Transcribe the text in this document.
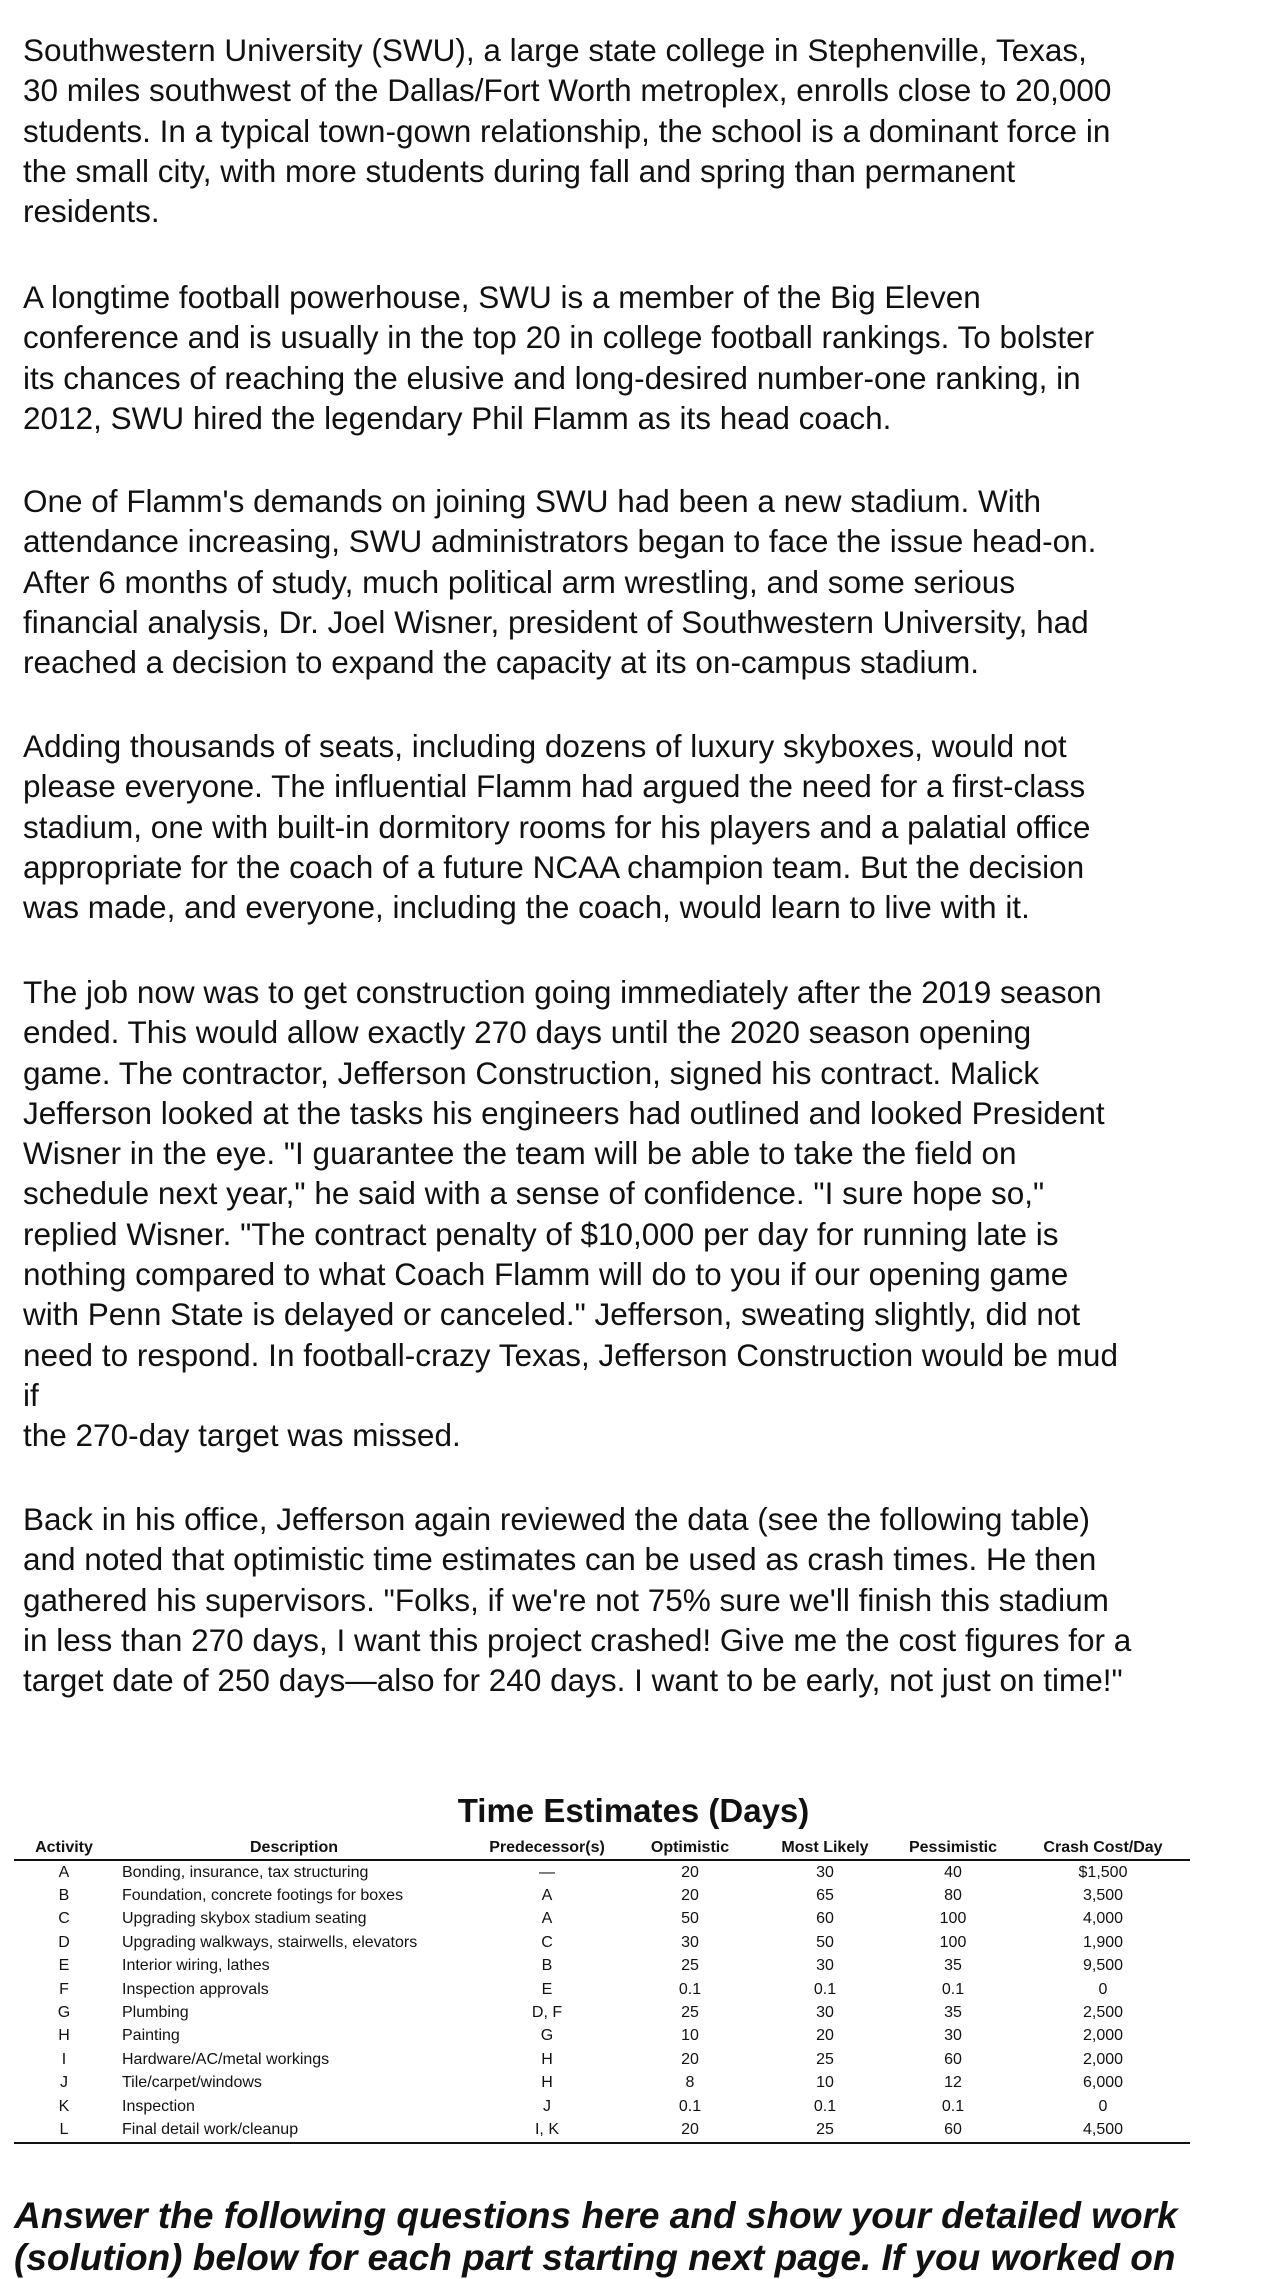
Southwestern University (SWU), a large state college in Stephenville, Texas,
30 miles southwest of the Dallas/Fort Worth metroplex, enrolls close to 20,000
students. In a typical town-gown relationship, the school is a dominant force in
the small city, with more students during fall and spring than permanent
residents.
A longtime football powerhouse, SWU is a member of the Big Eleven
conference and is usually in the top 20 in college football rankings. To bolster
its chances of reaching the elusive and long-desired number-one ranking, in
2012, SWU hired the legendary Phil Flamm as its head coach.
One of Flamm's demands on joining SWU had been a new stadium. With
attendance increasing, SWU administrators began to face the issue head-on.
After 6 months of study, much political arm wrestling, and some serious
financial analysis, Dr. Joel Wisner, president of Southwestern University, had
reached a decision to expand the capacity at its on-campus stadium.
Adding thousands of seats, including dozens of luxury skyboxes, would not
please everyone. The influential Flamm had argued the need for a first-class
stadium, one with built-in dormitory rooms for his players and a palatial office
appropriate for the coach of a future NCAA champion team. But the decision
was made, and everyone, including the coach, would learn to live with it.
The job now was to get construction going immediately after the 2019 season
ended. This would allow exactly 270 days until the 2020 season opening
game. The contractor, Jefferson Construction, signed his contract. Malick
Jefferson looked at the tasks his engineers had outlined and looked President
Wisner in the eye. "I guarantee the team will be able to take the field on
schedule next year," he said with a sense of confidence. "I sure hope so,"
replied Wisner. "The contract penalty of $10,000 per day for running late is
nothing compared to what Coach Flamm will do to you if our opening game
with Penn State is delayed or canceled." Jefferson, sweating slightly, did not
need to respond. In football-crazy Texas, Jefferson Construction would be mud
if
the 270-day target was missed.
Back in his office, Jefferson again reviewed the data (see the following table)
and noted that optimistic time estimates can be used as crash times. He then
gathered his supervisors. "Folks, if we're not 75% sure we'll finish this stadium
in less than 270 days, I want this project crashed! Give me the cost figures for a
target date of 250 days—also for 240 days. I want to be early, not just on time!"
Time Estimates (Days)
Activity	Description	Predecessor(s)	Optimistic	Most Likely	Pessimistic	Crash Cost/Day
A	Bonding, insurance, tax structuring	—	20	30	40	$1,500
B	Foundation, concrete footings for boxes	A	20	65	80	3,500
C	Upgrading skybox stadium seating	A	50	60	100	4,000
D	Upgrading walkways, stairwells, elevators	C	30	50	100	1,900
E	Interior wiring, lathes	B	25	30	35	9,500
F	Inspection approvals	E	0.1	0.1	0.1	0
G	Plumbing	D, F	25	30	35	2,500
H	Painting	G	10	20	30	2,000
I	Hardware/AC/metal workings	H	20	25	60	2,000
J	Tile/carpet/windows	H	8	10	12	6,000
K	Inspection	J	0.1	0.1	0.1	0
L	Final detail work/cleanup	I, K	20	25	60	4,500
Answer the following questions here and show your detailed work
(solution) below for each part starting next page. If you worked on
